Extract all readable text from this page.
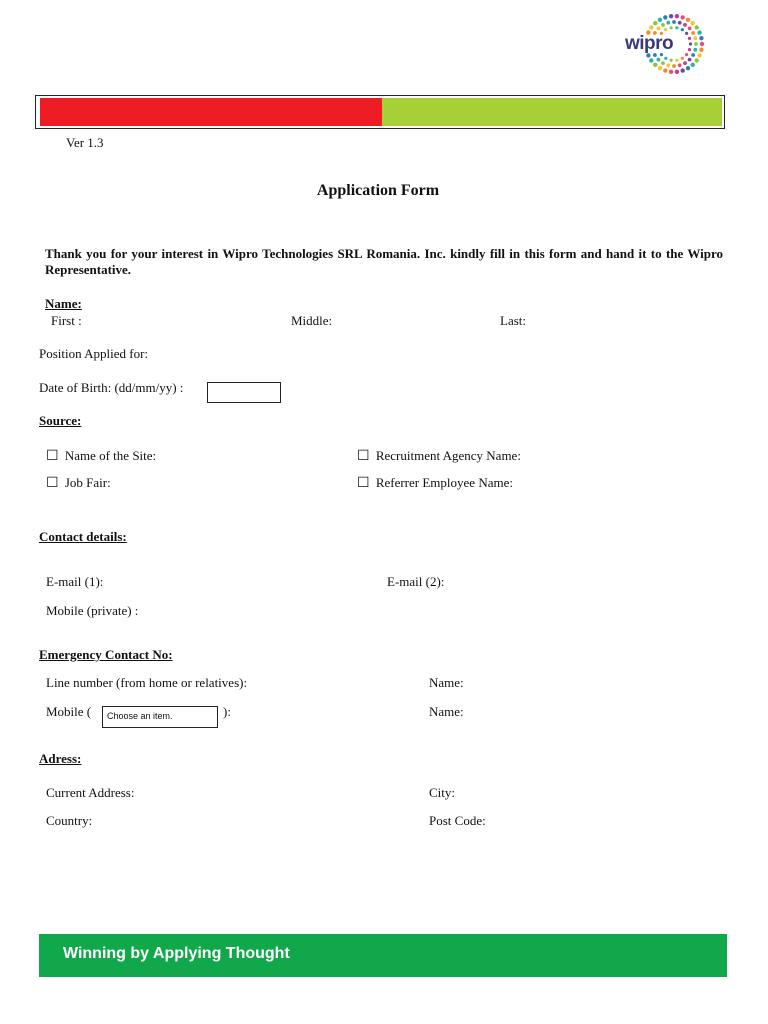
wipro
Ver 1.3
Application Form
Thank you for your interest in Wipro Technologies SRL Romania. Inc. kindly fill in this form and hand it to the Wipro Representative.
Name:
First :	Middle:	Last:
Position Applied for:
Date of Birth: (dd/mm/yy) :
Source:
☐ Name of the Site:	☐ Recruitment Agency Name:
☐ Job Fair:	☐ Referrer Employee Name:
Contact details:
E-mail (1):	E-mail (2):
Mobile (private) :
Emergency Contact No:
Line number (from home or relatives):	Name:
Mobile (	Choose an item.	):	Name:
Adress:
Current Address:	City:
Country:	Post Code:
Winning by Applying Thought
